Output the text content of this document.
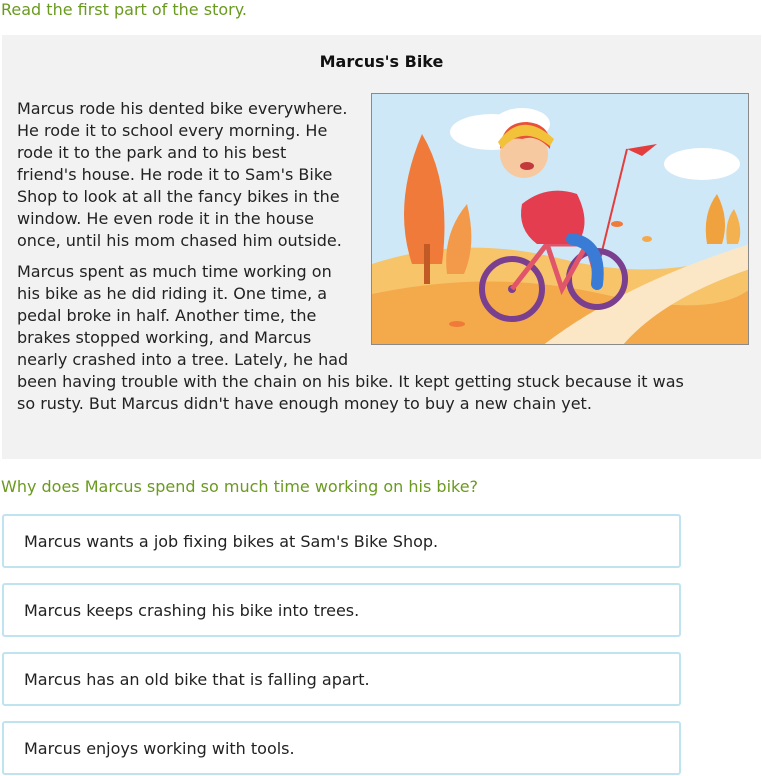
Read the first part of the story.
Marcus's Bike

Marcus rode his dented bike everywhere. He rode it to school every morning. He rode it to the park and to his best friend's house. He rode it to Sam's Bike Shop to look at all the fancy bikes in the window. He even rode it in the house once, until his mom chased him outside.

Marcus spent as much time working on his bike as he did riding it. One time, a pedal broke in half. Another time, the brakes stopped working, and Marcus nearly crashed into a tree. Lately, he had been having trouble with the chain on his bike. It kept getting stuck because it was so rusty. But Marcus didn't have enough money to buy a new chain yet.

Why does Marcus spend so much time working on his bike?
Marcus wants a job fixing bikes at Sam's Bike Shop.
Marcus keeps crashing his bike into trees.
Marcus has an old bike that is falling apart.
Marcus enjoys working with tools.
